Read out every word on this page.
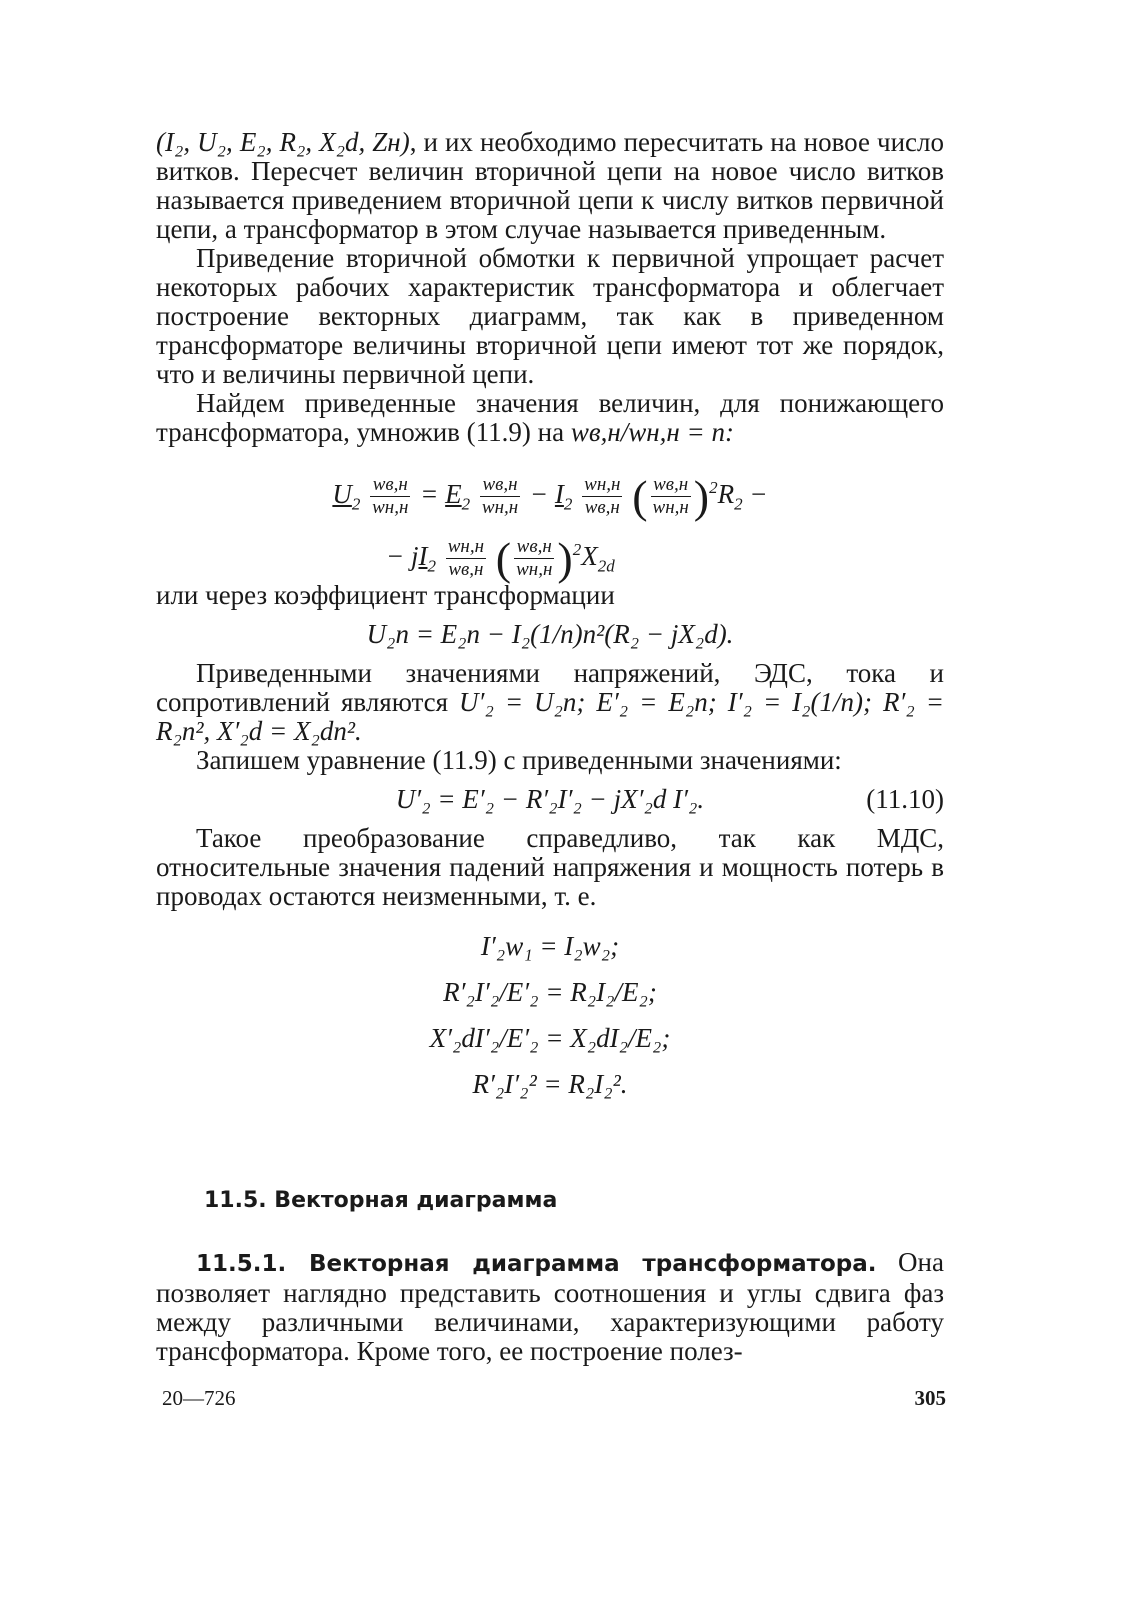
(I₂, U₂, E₂, R₂, X₂d, Zн), и их необходимо пересчитать на новое число витков. Пересчет величин вторичной цепи на новое число витков называется приведением вторичной цепи к числу витков первичной цепи, а трансформатор в этом случае называется приведенным.

Приведение вторичной обмотки к первичной упрощает расчет некоторых рабочих характеристик трансформатора и облегчает построение векторных диаграмм, так как в приведенном трансформаторе величины вторичной цепи имеют тот же порядок, что и величины первичной цепи.

Найдем приведенные значения величин, для понижающего трансформатора, умножив (11.9) на wв,н/wн,н = n:

$U_2 \frac{wв,н}{wн,н} = E_2 \frac{wв,н}{wн,н} - I_2 \frac{wн,н}{wв,н}$ ( $\frac{wв,н}{wн,н} )^2R_2$ −
− $jI_2 \frac{wн,н}{wв,н}$ ( $\frac{wв,н}{wн,н} )^2X_{2d}$

или через коэффициент трансформации

U₂n = E₂n − I₂(1/n)n²(R₂ − jX₂d).

Приведенными значениями напряжений, ЭДС, тока и сопротивлений являются U′₂ = U₂n; E′₂ = E₂n; I′₂ = I₂(1/n); R′₂ = R₂n², X′₂d = X₂dn².

Запишем уравнение (11.9) с приведенными значениями:

U′₂ = E′₂ − R′₂I′₂ − jX′₂d I′₂.	(11.10)

Такое преобразование справедливо, так как МДС, относительные значения падений напряжения и мощность потерь в проводах остаются неизменными, т. е.

I′₂w₁ = I₂w₂;
R′₂I′₂/E′₂ = R₂I₂/E₂;
X′₂dI′₂/E′₂ = X₂dI₂/E₂;
R′₂I′₂² = R₂I₂².
11.5. Векторная диаграмма

11.5.1. Векторная диаграмма трансформатора. Она позволяет наглядно представить соотношения и углы сдвига фаз между различными величинами, характеризующими работу трансформатора. Кроме того, ее построение полез-

20—726	305
